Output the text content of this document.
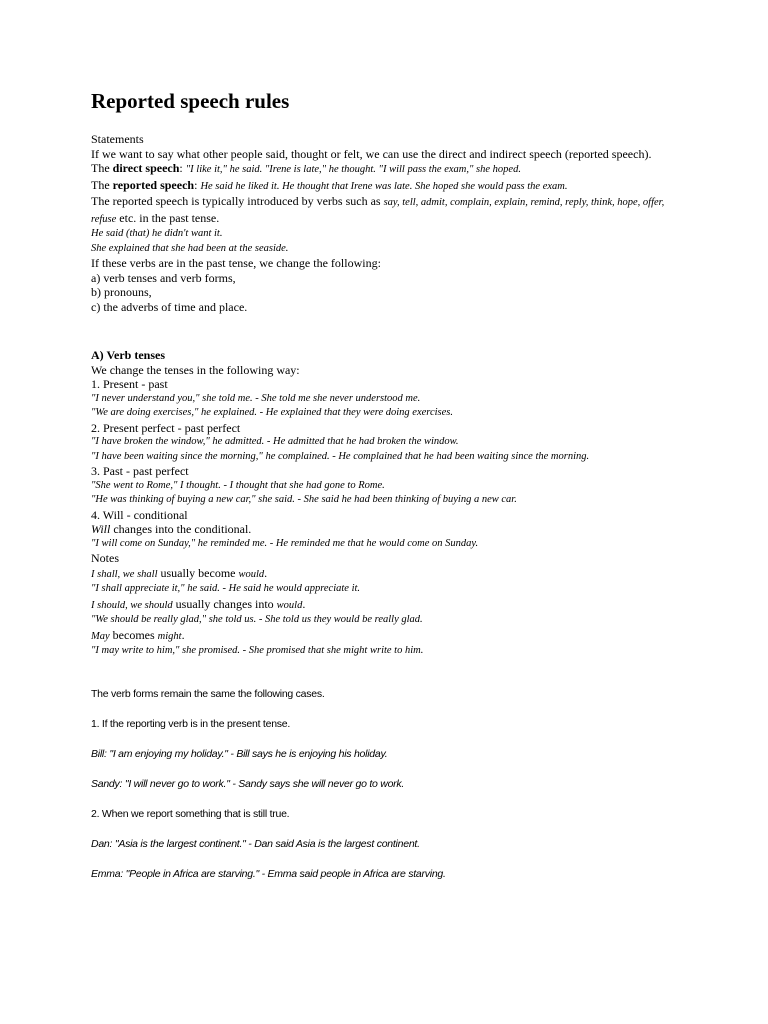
Reported speech rules

Statements

If we want to say what other people said, thought or felt, we can use the direct and indirect speech (reported speech).

The direct speech: "I like it," he said. "Irene is late," he thought. "I will pass the exam," she hoped.

The reported speech: He said he liked it. He thought that Irene was late. She hoped she would pass the exam.

The reported speech is typically introduced by verbs such as say, tell, admit, complain, explain, remind, reply, think, hope, offer, refuse etc. in the past tense.

He said (that) he didn't want it.

She explained that she had been at the seaside.

If these verbs are in the past tense, we change the following:

a) verb tenses and verb forms,

b) pronouns,

c) the adverbs of time and place.

A) Verb tenses

We change the tenses in the following way:

1. Present - past

"I never understand you," she told me. - She told me she never understood me.

"We are doing exercises," he explained. - He explained that they were doing exercises.

2. Present perfect - past perfect

"I have broken the window," he admitted. - He admitted that he had broken the window.

"I have been waiting since the morning," he complained. - He complained that he had been waiting since the morning.

3. Past - past perfect

"She went to Rome," I thought. - I thought that she had gone to Rome.

"He was thinking of buying a new car," she said. - She said he had been thinking of buying a new car.

4. Will - conditional

Will changes into the conditional.

"I will come on Sunday," he reminded me. - He reminded me that he would come on Sunday.

Notes

I shall, we shall usually become would.

"I shall appreciate it," he said. - He said he would appreciate it.

I should, we should usually changes into would.

"We should be really glad," she told us. - She told us they would be really glad.

May becomes might.

"I may write to him," she promised. - She promised that she might write to him.

The verb forms remain the same the following cases.

1. If the reporting verb is in the present tense.

Bill: "I am enjoying my holiday." - Bill says he is enjoying his holiday.

Sandy: "I will never go to work." - Sandy says she will never go to work.

2. When we report something that is still true.

Dan: "Asia is the largest continent." - Dan said Asia is the largest continent.

Emma: "People in Africa are starving." - Emma said people in Africa are starving.
